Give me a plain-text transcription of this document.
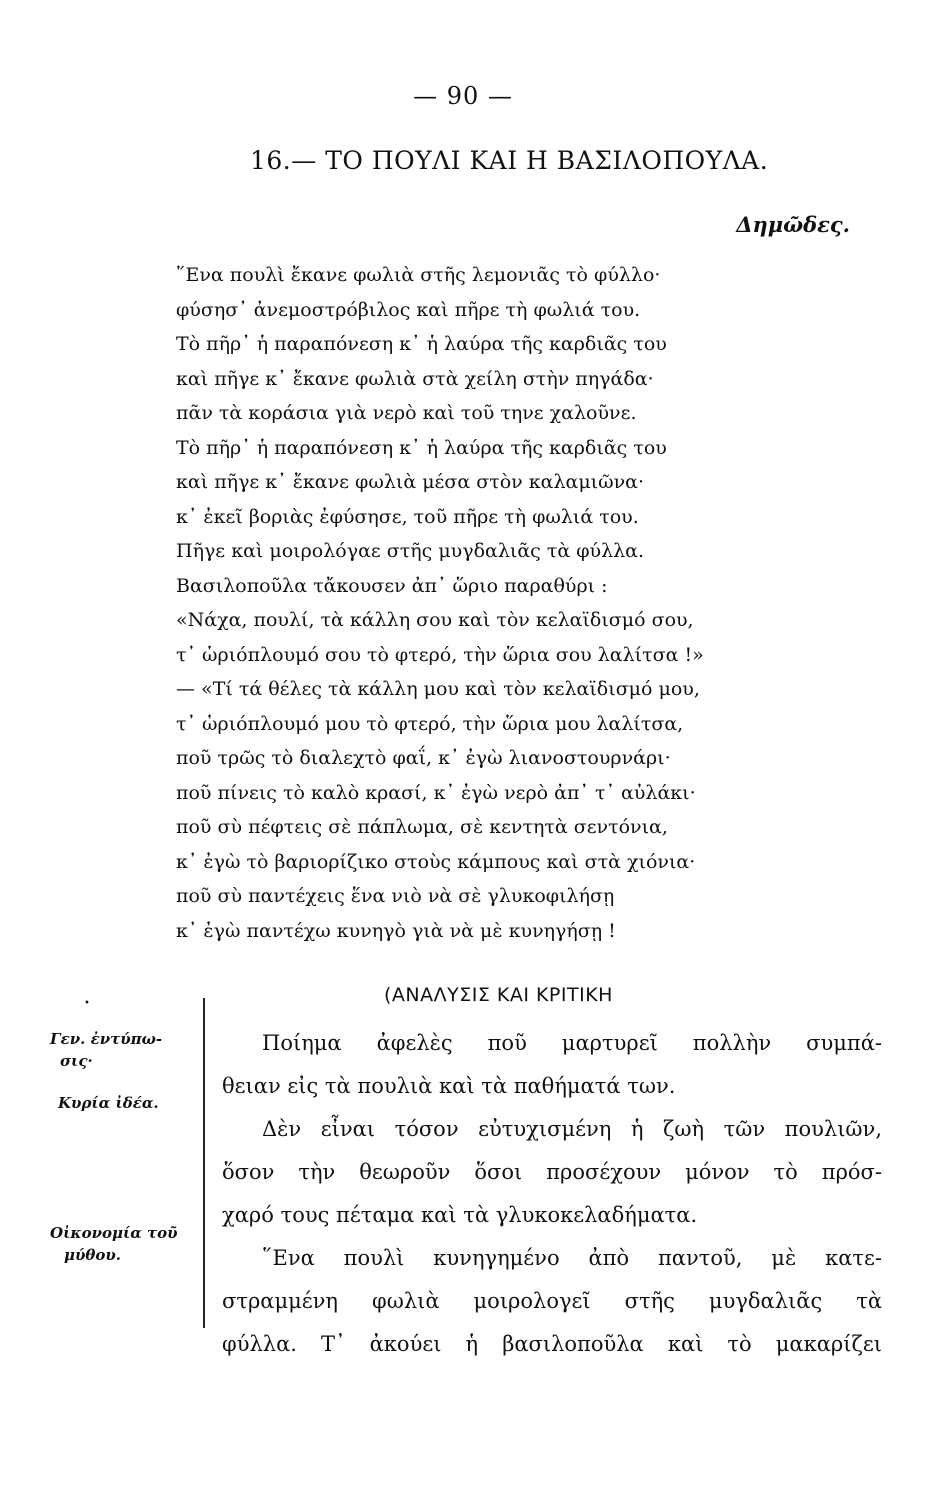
— 90 —
16.— ΤΟ ΠΟΥΛΙ ΚΑΙ Η ΒΑΣΙΛΟΠΟΥΛΑ.
Δημῶδες.
῞Ενα πουλὶ ἔκανε φωλιὰ στῆς λεμονιᾶς τὸ φύλλο·
φύσησ᾽ ἀνεμοστρόβιλος καὶ πῆρε τὴ φωλιά του.
Τὸ πῆρ᾽ ἡ παραπόνεση κ᾽ ἡ λαύρα τῆς καρδιᾶς του
καὶ πῆγε κ᾽ ἔκανε φωλιὰ στὰ χείλη στὴν πηγάδα·
πᾶν τὰ κοράσια γιὰ νερὸ καὶ τοῦ τηνε χαλοῦνε.
Τὸ πῆρ᾽ ἡ παραπόνεση κ᾽ ἡ λαύρα τῆς καρδιᾶς του
καὶ πῆγε κ᾽ ἔκανε φωλιὰ μέσα στὸν καλαμιῶνα·
κ᾽ ἐκεῖ βοριὰς ἐφύσησε, τοῦ πῆρε τὴ φωλιά του.
Πῆγε καὶ μοιρολόγαε στῆς μυγδαλιᾶς τὰ φύλλα.
Βασιλοποῦλα τἄκουσεν ἀπ᾽ ὥριο παραθύρι :
«Νάχα, πουλί, τὰ κάλλη σου καὶ τὸν κελαϊδισμό σου,
τ᾽ ὡριόπλουμό σου τὸ φτερό, τὴν ὥρια σου λαλίτσα !»
— «Τί τά θέλες τὰ κάλλη μου καὶ τὸν κελαϊδισμό μου,
τ᾽ ὡριόπλουμό μου τὸ φτερό, τὴν ὥρια μου λαλίτσα,
ποῦ τρῶς τὸ διαλεχτὸ φαΐ, κ᾽ ἐγὼ λιανοστουρνάρι·
ποῦ πίνεις τὸ καλὸ κρασί, κ᾽ ἐγὼ νερὸ ἀπ᾽ τ᾽ αὐλάκι·
ποῦ σὺ πέφτεις σὲ πάπλωμα, σὲ κεντητὰ σεντόνια,
κ᾽ ἐγὼ τὸ βαριορίζικο στοὺς κάμπους καὶ στὰ χιόνια·
ποῦ σὺ παντέχεις ἕνα νιὸ νὰ σὲ γλυκοφιλήσῃ
κ᾽ ἐγὼ παντέχω κυνηγὸ γιὰ νὰ μὲ κυνηγήσῃ !
(ΑΝΑΛΥΣΙΣ ΚΑΙ ΚΡΙΤΙΚΗ
•
Γεν. ἐντύπω-
σις·
Κυρία ἰδέα.
Οἰκονομία τοῦ
μύθου.
Ποίημα ἀφελὲς ποῦ μαρτυρεῖ πολλὴν συμπά-
θειαν εἰς τὰ πουλιὰ καὶ τὰ παθήματά των.
Δὲν εἶναι τόσον εὐτυχισμένη ἡ ζωὴ τῶν πουλιῶν,
ὅσον τὴν θεωροῦν ὅσοι προσέχουν μόνον τὸ πρόσ-
χαρό τους πέταμα καὶ τὰ γλυκοκελαδήματα.
῞Ενα πουλὶ κυνηγημένο ἀπὸ παντοῦ, μὲ κατε-
στραμμένη φωλιὰ μοιρολογεῖ στῆς μυγδαλιᾶς τὰ
φύλλα. Τ᾽ ἀκούει ἡ βασιλοποῦλα καὶ τὸ μακαρίζει
